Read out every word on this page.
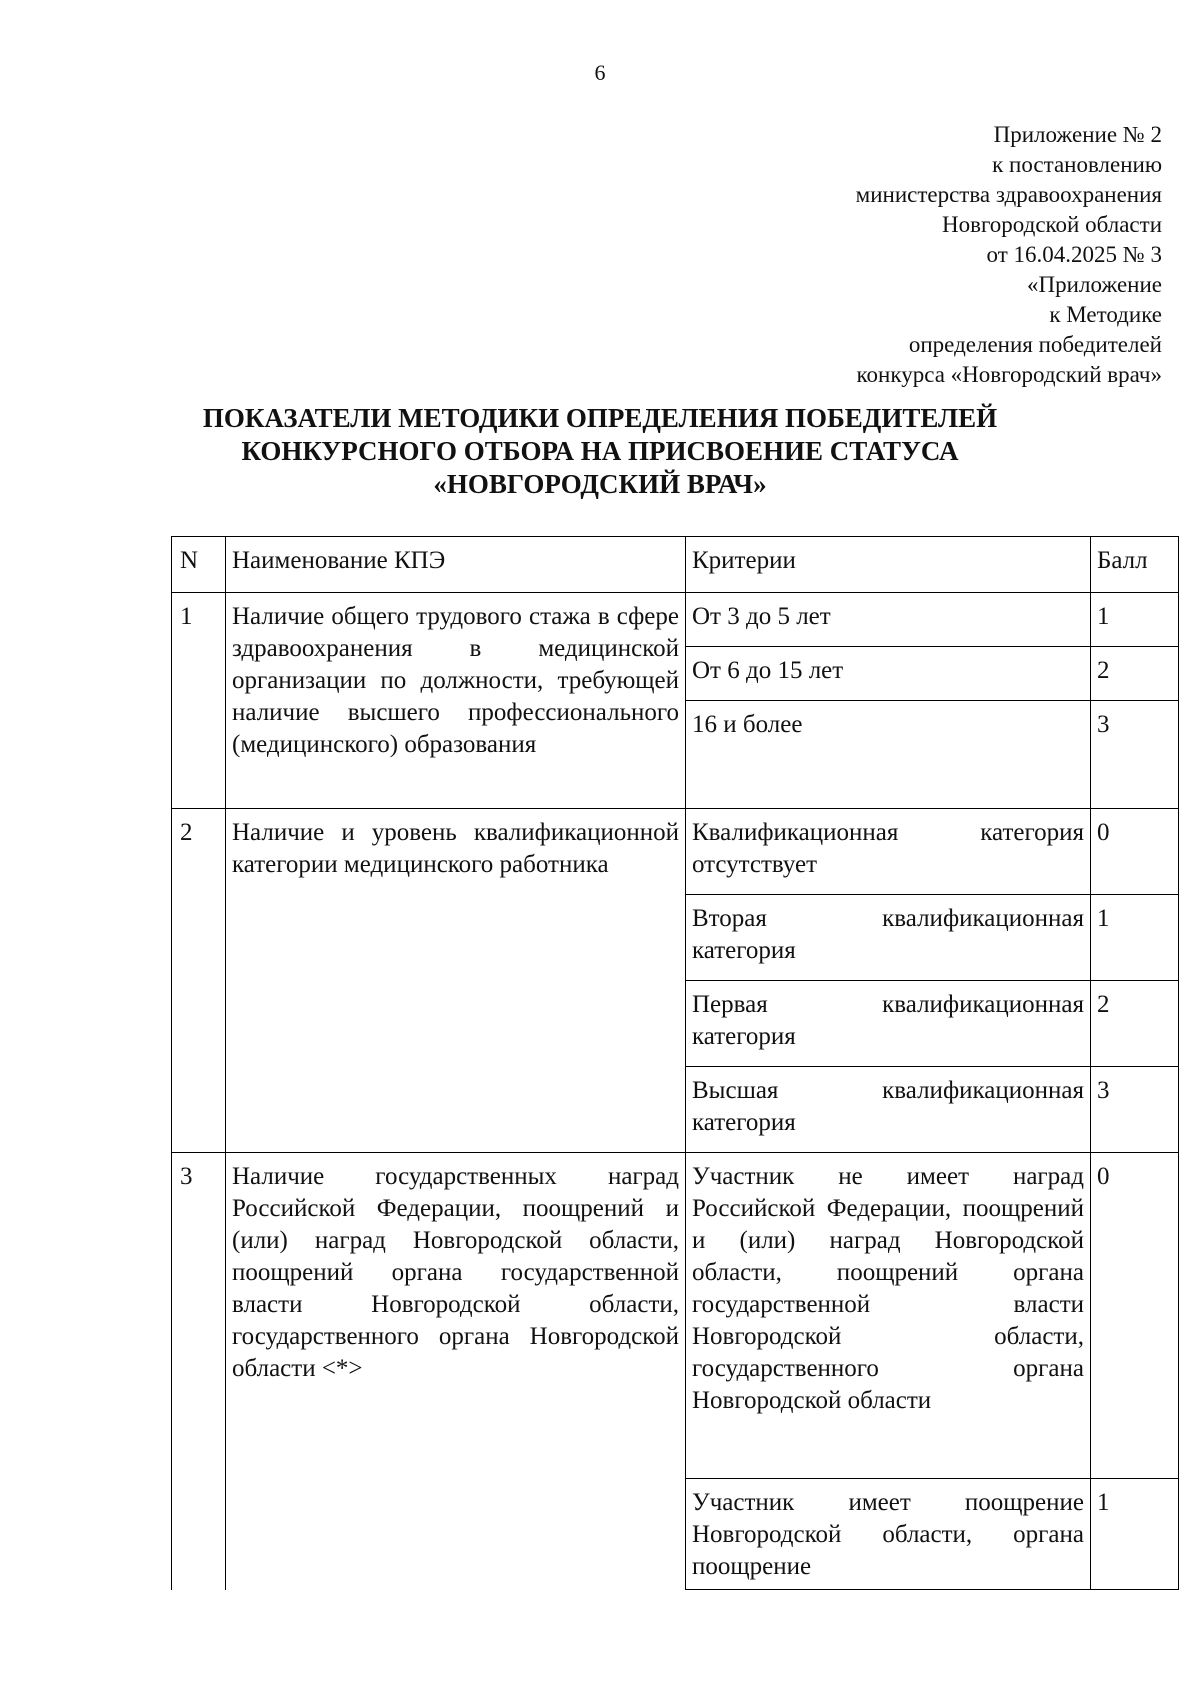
6
Приложение № 2
к постановлению
министерства здравоохранения
Новгородской области
от 16.04.2025 № 3
«Приложение
к Методике
определения победителей
конкурса «Новгородский врач»
ПОКАЗАТЕЛИ МЕТОДИКИ ОПРЕДЕЛЕНИЯ ПОБЕДИТЕЛЕЙ
КОНКУРСНОГО ОТБОРА НА ПРИСВОЕНИЕ СТАТУСА
«НОВГОРОДСКИЙ ВРАЧ»
N	Наименование КПЭ	Критерии	Балл
1	Наличие общего трудового стажа в сфере здравоохранения в медицинской организации по должности, требующей наличие высшего профессионального (медицинского) образования	От 3 до 5 лет	1
		От 6 до 15 лет	2
		16 и более	3
2	Наличие и уровень квалификационной категории медицинского работника	Квалификационная категория отсутствует	0
		Вторая квалификационная категория	1
		Первая квалификационная категория	2
		Высшая квалификационная категория	3
3	Наличие государственных наград Российской Федерации, поощрений и (или) наград Новгородской области, поощрений органа государственной власти Новгородской области, государственного органа Новгородской области <*>	Участник не имеет наград Российской Федерации, поощрений и (или) наград Новгородской области, поощрений органа государственной власти Новгородской области, государственного органа Новгородской области	0
		Участник имеет поощрение Новгородской области, органа поощрение	1
